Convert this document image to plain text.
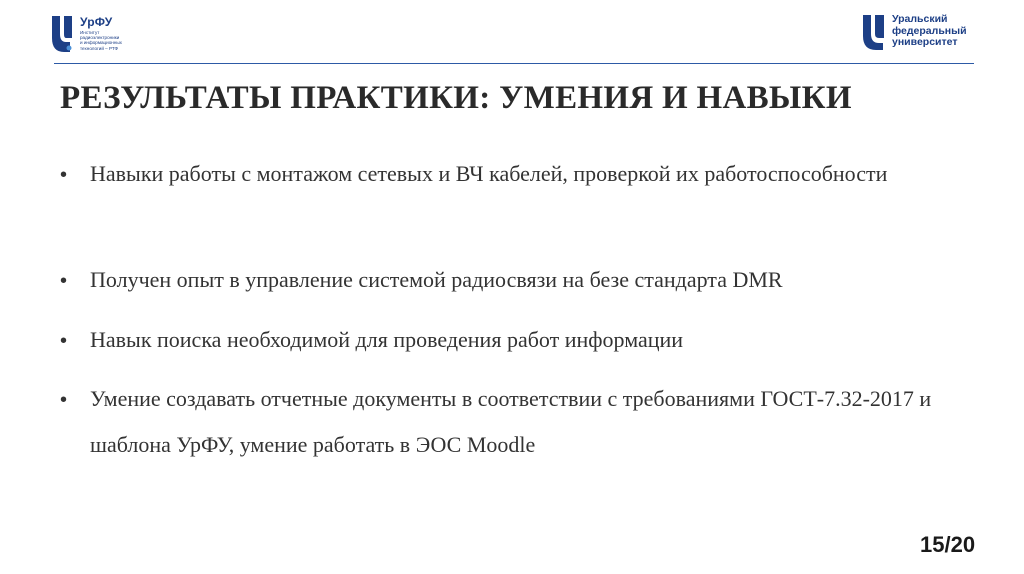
УрФУ
Институт
радиоэлектроники
и информационных
технологий – РТФ
Уральский
федеральный
университет
РЕЗУЛЬТАТЫ ПРАКТИКИ: УМЕНИЯ И НАВЫКИ
• Навыки работы с монтажом сетевых и ВЧ кабелей, проверкой их работоспособности
• Получен опыт в управление системой радиосвязи на безе стандарта DMR
• Навык поиска необходимой для проведения работ информации
• Умение создавать отчетные документы в соответствии с требованиями ГОСТ-7.32-2017 и шаблона УрФУ, умение работать в ЭОС Moodle
15/20
